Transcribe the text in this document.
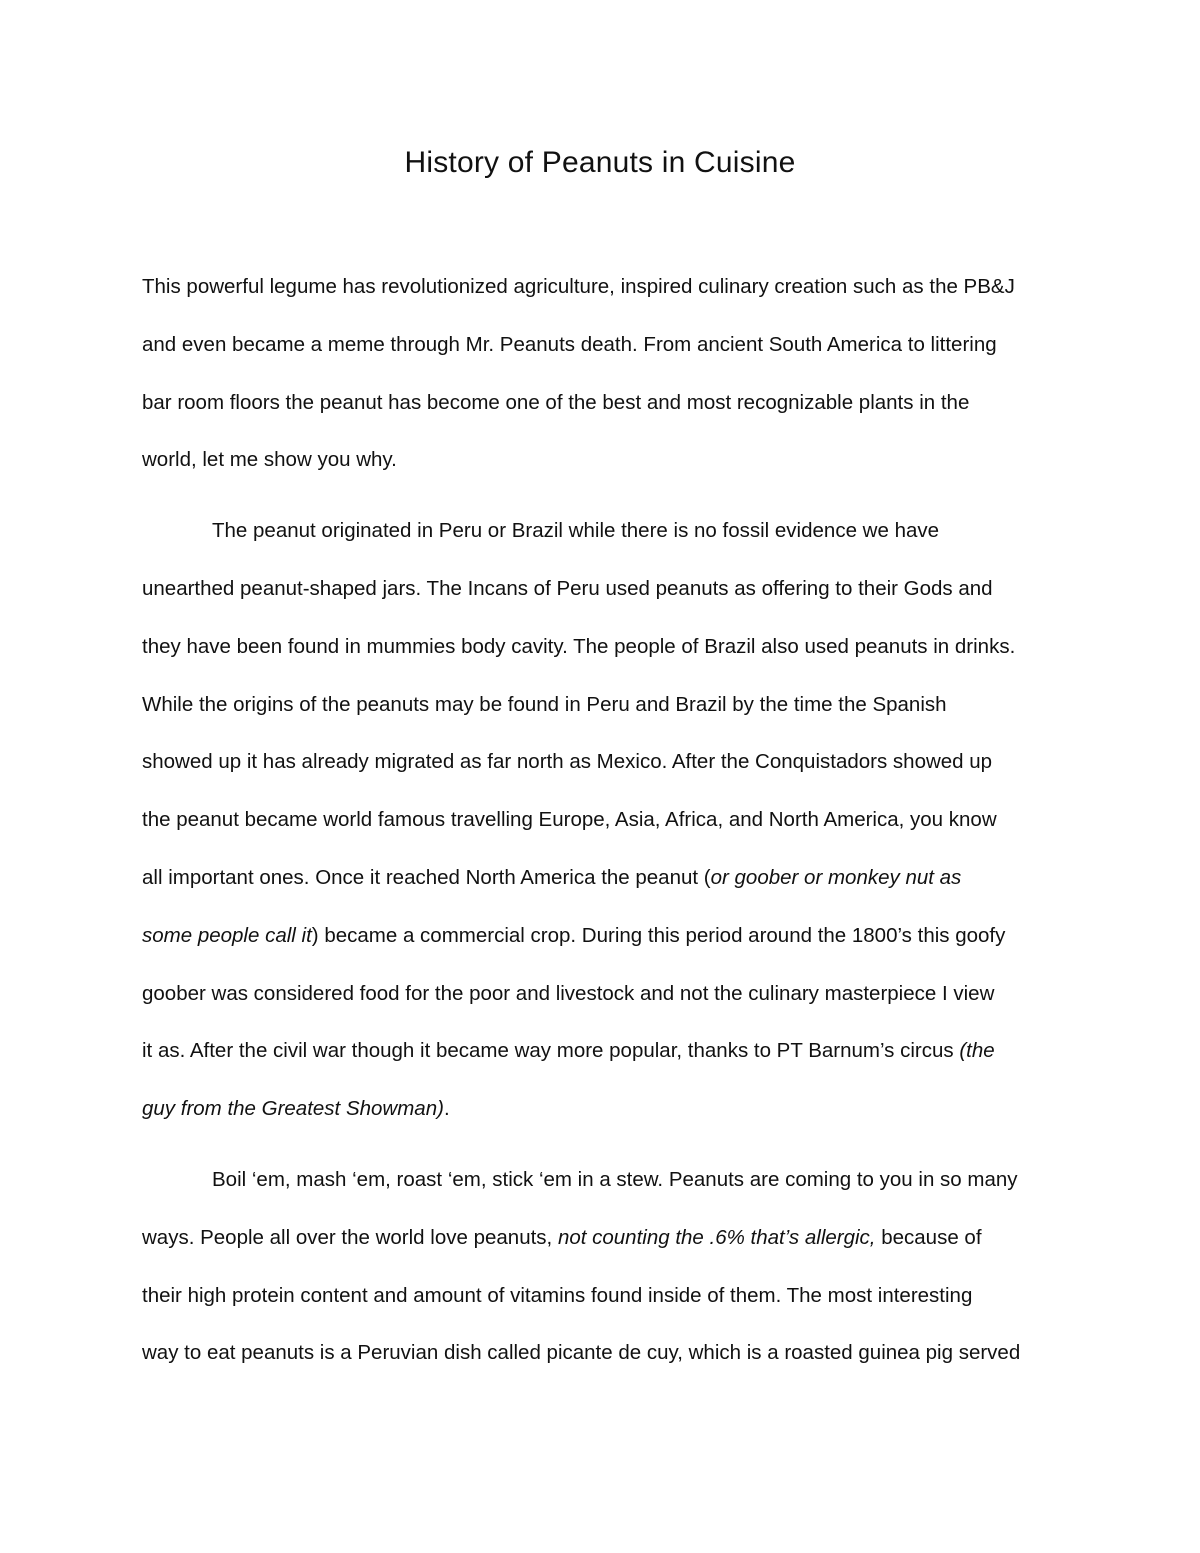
History of Peanuts in Cuisine

This powerful legume has revolutionized agriculture, inspired culinary creation such as the PB&J
and even became a meme through Mr. Peanuts death. From ancient South America to littering
bar room floors the peanut has become one of the best and most recognizable plants in the
world, let me show you why.

The peanut originated in Peru or Brazil while there is no fossil evidence we have
unearthed peanut-shaped jars. The Incans of Peru used peanuts as offering to their Gods and
they have been found in mummies body cavity. The people of Brazil also used peanuts in drinks.
While the origins of the peanuts may be found in Peru and Brazil by the time the Spanish
showed up it has already migrated as far north as Mexico. After the Conquistadors showed up
the peanut became world famous travelling Europe, Asia, Africa, and North America, you know
all important ones. Once it reached North America the peanut (or goober or monkey nut as
some people call it) became a commercial crop. During this period around the 1800’s this goofy
goober was considered food for the poor and livestock and not the culinary masterpiece I view
it as. After the civil war though it became way more popular, thanks to PT Barnum’s circus (the
guy from the Greatest Showman).

Boil ‘em, mash ‘em, roast ‘em, stick ‘em in a stew. Peanuts are coming to you in so many
ways. People all over the world love peanuts, not counting the .6% that’s allergic, because of
their high protein content and amount of vitamins found inside of them. The most interesting
way to eat peanuts is a Peruvian dish called picante de cuy, which is a roasted guinea pig served
